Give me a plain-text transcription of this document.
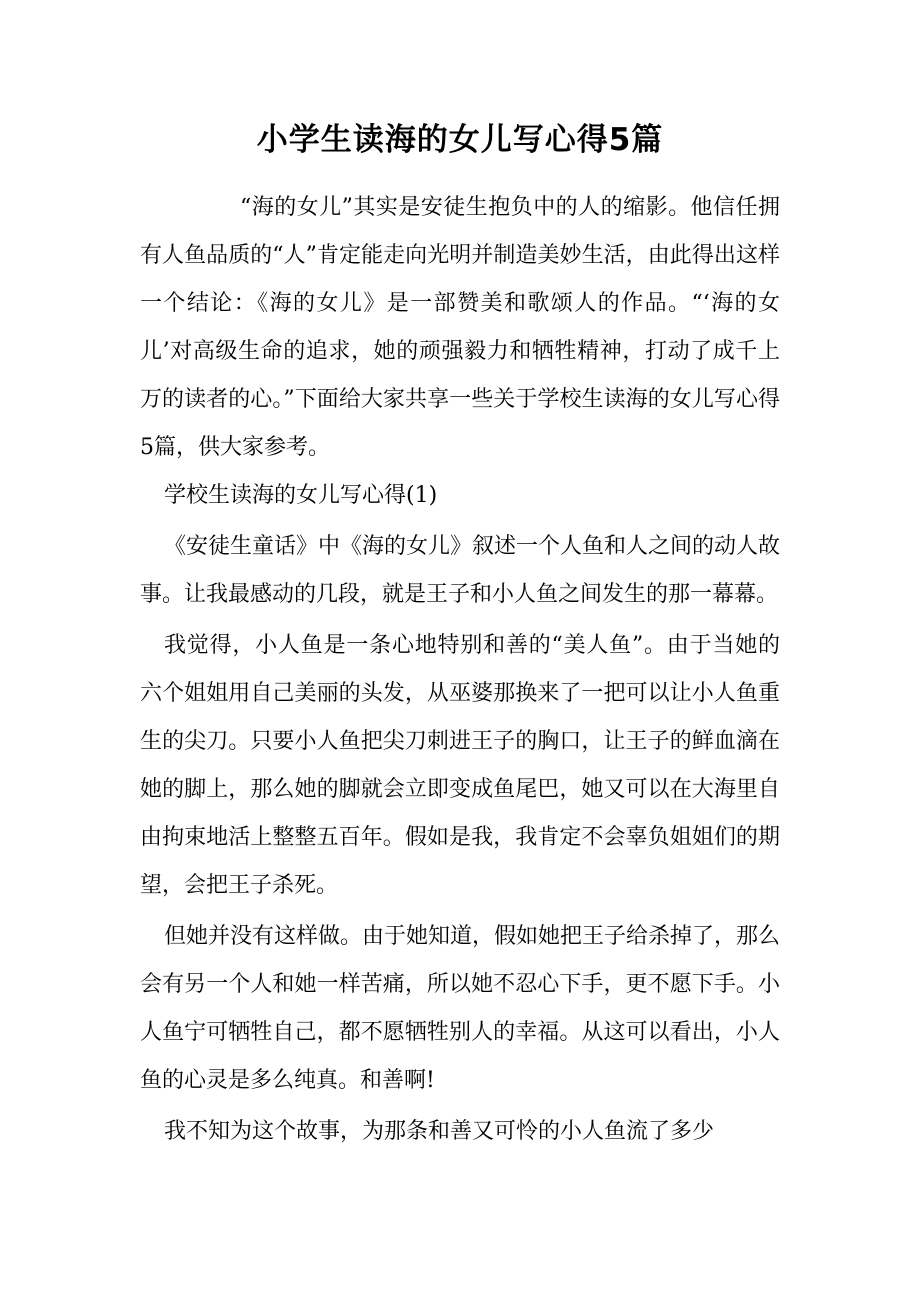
小学生读海的女儿写心得5篇

“海的女儿”其实是安徒生抱负中的人的缩影。他信任拥有人鱼品质的“人”肯定能走向光明并制造美妙生活，由此得出这样一个结论：《海的女儿》是一部赞美和歌颂人的作品。“‘海的女儿’对高级生命的追求，她的顽强毅力和牺牲精神，打动了成千上万的读者的心。”下面给大家共享一些关于学校生读海的女儿写心得5篇，供大家参考。

学校生读海的女儿写心得(1)

《安徒生童话》中《海的女儿》叙述一个人鱼和人之间的动人故事。让我最感动的几段，就是王子和小人鱼之间发生的那一幕幕。

我觉得，小人鱼是一条心地特别和善的“美人鱼”。由于当她的六个姐姐用自己美丽的头发，从巫婆那换来了一把可以让小人鱼重生的尖刀。只要小人鱼把尖刀刺进王子的胸口，让王子的鲜血滴在她的脚上，那么她的脚就会立即变成鱼尾巴，她又可以在大海里自由拘束地活上整整五百年。假如是我，我肯定不会辜负姐姐们的期望，会把王子杀死。

但她并没有这样做。由于她知道，假如她把王子给杀掉了，那么会有另一个人和她一样苦痛，所以她不忍心下手，更不愿下手。小人鱼宁可牺牲自己，都不愿牺牲别人的幸福。从这可以看出，小人鱼的心灵是多么纯真。和善啊!

我不知为这个故事，为那条和善又可怜的小人鱼流了多少
